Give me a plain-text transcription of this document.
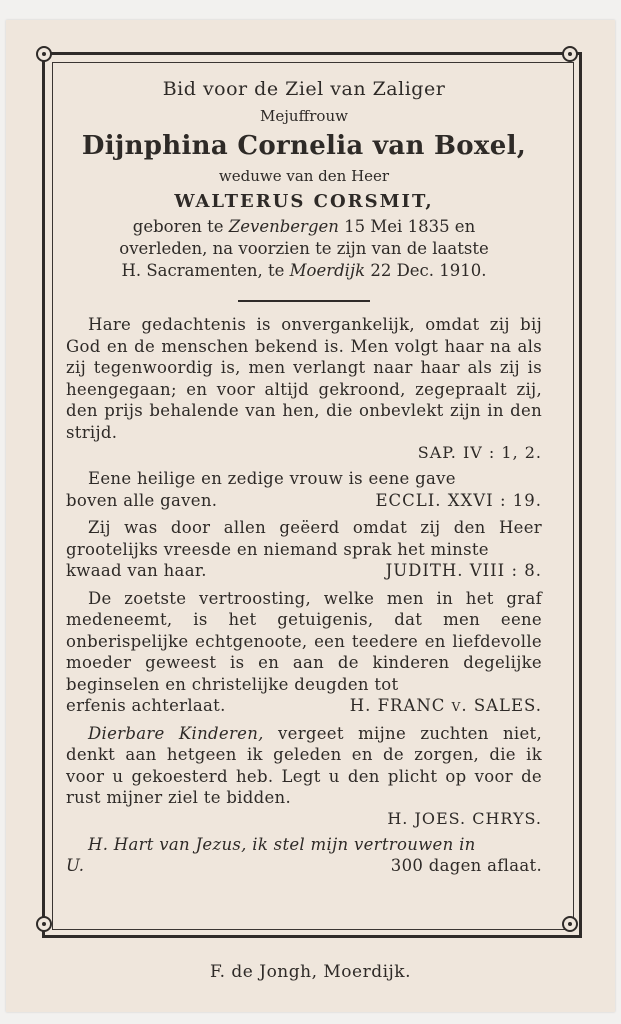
Bid voor de Ziel van Zaliger
Mejuffrouw
Dijnphina Cornelia van Boxel,
weduwe van den Heer
WALTERUS CORSMIT,
geboren te Zevenbergen 15 Mei 1835 en
overleden, na voorzien te zijn van de laatste
H. Sacramenten, te Moerdijk 22 Dec. 1910.

Hare gedachtenis is onvergankelijk, omdat zij bij God en de menschen bekend is. Men volgt haar na als zij tegenwoordig is, men verlangt naar haar als zij is heengegaan; en voor altijd gekroond, zegepraalt zij, den prijs behalende van hen, die onbevlekt zijn in den strijd.

SAP. IV : 1, 2.

Eene heilige en zedige vrouw is eene gave

boven alle gaven.	ECCLI. XXVI : 19.

Zij was door allen geëerd omdat zij den Heer grootelijks vreesde en niemand sprak het minste

kwaad van haar.	JUDITH. VIII : 8.

De zoetste vertroosting, welke men in het graf medeneemt, is het getuigenis, dat men eene onberispelijke echtgenoote, een teedere en liefdevolle moeder geweest is en aan de kinderen degelijke beginselen en christelijke deugden tot

erfenis achterlaat.	H. FRANC v. SALES.

Dierbare Kinderen, vergeet mijne zuchten niet, denkt aan hetgeen ik geleden en de zorgen, die ik voor u gekoesterd heb. Legt u den plicht op voor de rust mijner ziel te bidden.

H. JOES. CHRYS.

H. Hart van Jezus, ik stel mijn vertrouwen in

U.	300 dagen aflaat.
F. de Jongh, Moerdijk.
